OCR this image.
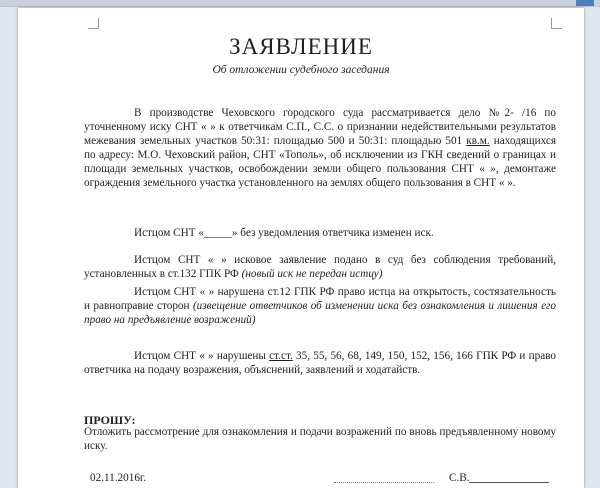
ЗАЯВЛЕНИЕ
Об отложении судебного заседания
В производстве Чеховского городского суда рассматривается дело №2- /16 по уточненному иску СНТ « » к ответчикам С.П., С.С. о признании недействительными результатов межевания земельных участков 50:31: площадью 500 и 50:31: площадью 501 кв.м. находящихся по адресу: М.О. Чеховский район, СНТ «Тополь», об исключении из ГКН сведений о границах и площади земельных участков, освобождении земли общего пользования СНТ « », демонтаже ограждения земельного участка установленного на землях общего пользования в СНТ « ».
Истцом СНТ «_____» без уведомления ответчика изменен иск.
Истцом СНТ « » исковое заявление подано в суд без соблюдения требований, установленных в ст.132 ГПК РФ (новый иск не передан истцу)
Истцом СНТ « » нарушена ст.12 ГПК РФ право истца на открытость, состязательность и равноправие сторон (извещение ответчиков об изменении иска без ознакомления и лишения его право на предъявление возражений)
Истцом СНТ « » нарушены ст.ст. 35, 55, 56, 68, 149, 150, 152, 156, 166 ГПК РФ и право ответчика на подачу возражения, объяснений, заявлений и ходатайств.
ПРОШУ:
Отложить рассмотрение для ознакомления и подачи возражений по вновь предъявленному новому иску.
02.11.2016г.	С.В.
